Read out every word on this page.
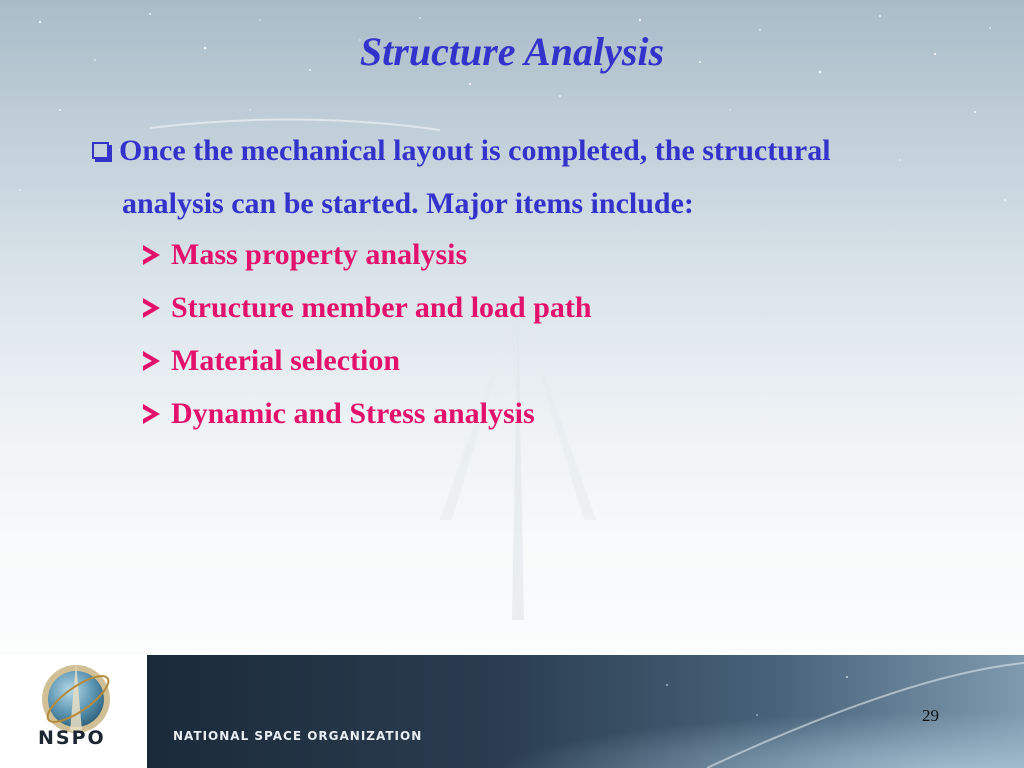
Structure Analysis
Once the mechanical layout is completed, the structural
analysis can be started. Major items include:
Mass property analysis
Structure member and load path
Material selection
Dynamic and Stress analysis
NSPO	NATIONAL SPACE ORGANIZATION
29
